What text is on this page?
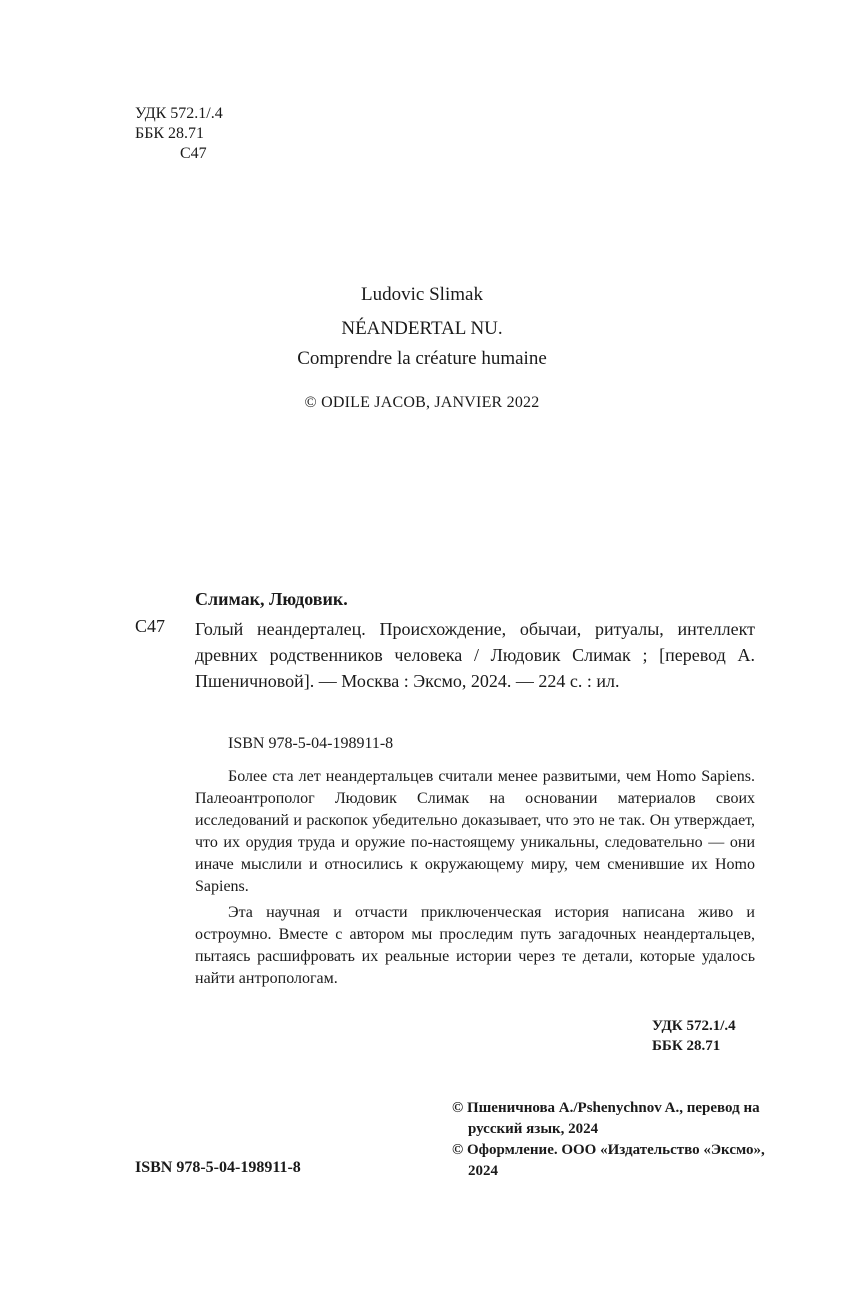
УДК 572.1/.4
ББК 28.71
С47
Ludovic Slimak
NÉANDERTAL NU.
Comprendre la créature humaine
© ODILE JACOB, JANVIER 2022
Слимак, Людовик.
С47 Голый неандерталец. Происхождение, обычаи, ритуалы, интеллект древних родственников человека / Людовик Слимак ; [перевод А. Пшеничновой]. — Москва : Эксмо, 2024. — 224 с. : ил.

ISBN 978-5-04-198911-8

Более ста лет неандертальцев считали менее развитыми, чем Homo Sapiens. Палеоантрополог Людовик Слимак на основании материалов своих исследований и раскопок убедительно доказывает, что это не так. Он утверждает, что их орудия труда и оружие по-настоящему уникальны, следовательно — они иначе мыслили и относились к окружающему миру, чем сменившие их Homo Sapiens.

Эта научная и отчасти приключенческая история написана живо и остроумно. Вместе с автором мы проследим путь загадочных неандертальцев, пытаясь расшифровать их реальные истории через те детали, которые удалось найти антропологам.

УДК 572.1/.4
ББК 28.71
© Пшеничнова А./Pshenychnov A., перевод на русский язык, 2024
© Оформление. ООО «Издательство «Эксмо», 2024
ISBN 978-5-04-198911-8
